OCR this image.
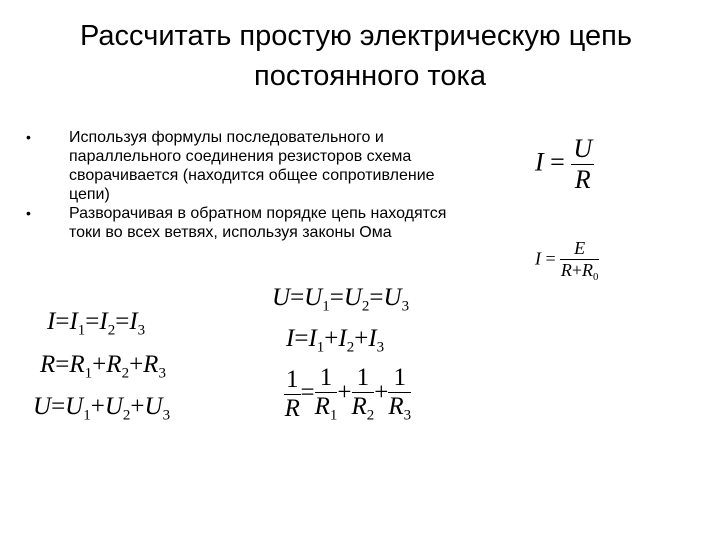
Рассчитать простую электрическую цепь
постоянного тока
• Используя формулы последовательного и параллельного соединения резисторов схема сворачивается (находится общее сопротивление цепи)
• Разворачивая в обратном порядке цепь находятся токи во всех ветвях, используя законы Ома
$I = \frac{U}{R}$
$I = \frac{E}{R+R_0}$
$I=I_1=I_2=I_3$
$R=R_1+R_2+R_3$
$U=U_1+U_2+U_3$
$U=U_1=U_2=U_3$
$I=I_1+I_2+I_3$
$\frac{1}{R} = \frac{1}{R_1} + \frac{1}{R_2} + \frac{1}{R_3}$
